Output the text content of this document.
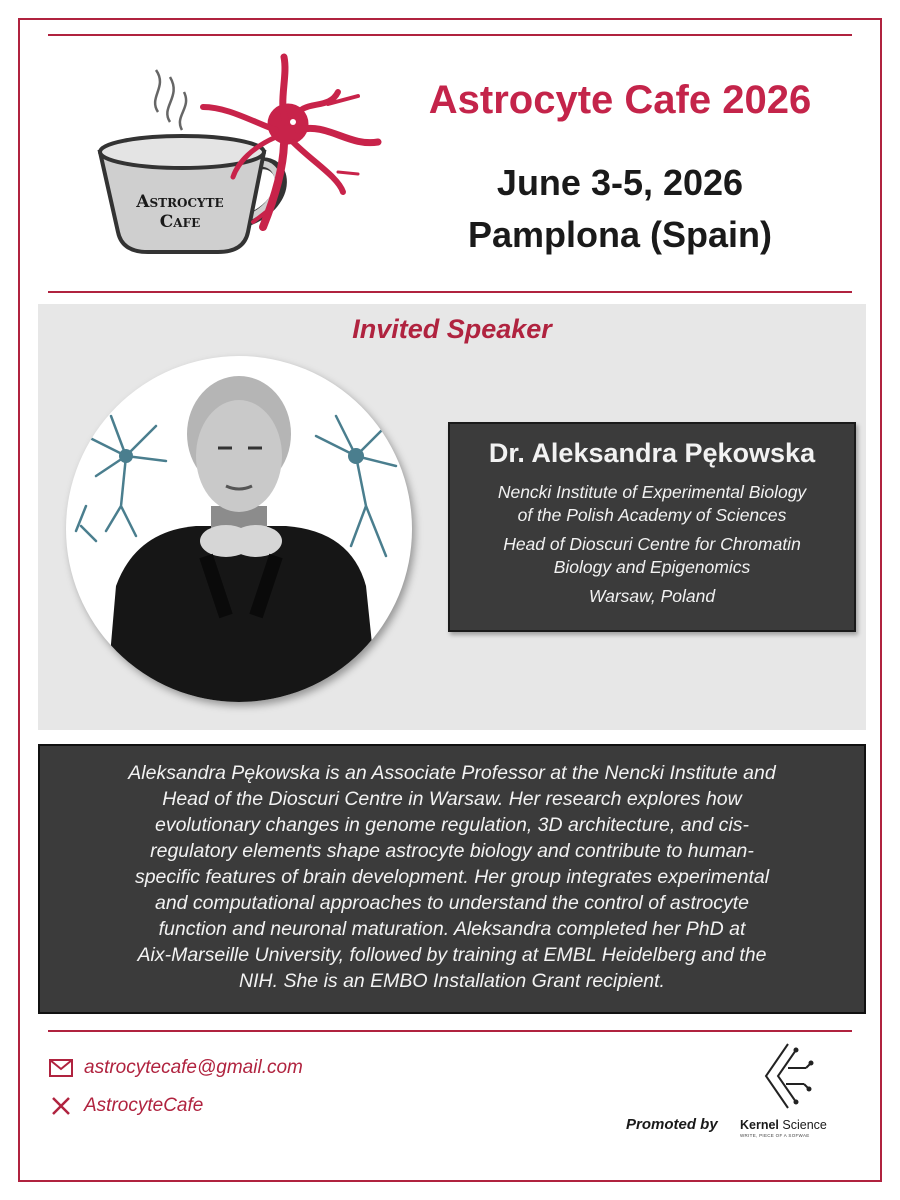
Astrocyte
Cafe
Astrocyte Cafe 2026
June 3-5, 2026
Pamplona (Spain)
Invited Speaker
Dr. Aleksandra Pękowska
Nencki Institute of Experimental Biology
of the Polish Academy of Sciences
Head of Dioscuri Centre for Chromatin
Biology and Epigenomics
Warsaw, Poland
Aleksandra Pękowska is an Associate Professor at the Nencki Institute and
Head of the Dioscuri Centre in Warsaw. Her research explores how
evolutionary changes in genome regulation, 3D architecture, and cis-
regulatory elements shape astrocyte biology and contribute to human-
specific features of brain development. Her group integrates experimental
and computational approaches to understand the control of astrocyte
function and neuronal maturation. Aleksandra completed her PhD at
Aix-Marseille University, followed by training at EMBL Heidelberg and the
NIH. She is an EMBO Installation Grant recipient.
astrocytecafe@gmail.com
AstrocyteCafe
Promoted by Kernel Science
WRITE, PIECE OF A SOFWAE
